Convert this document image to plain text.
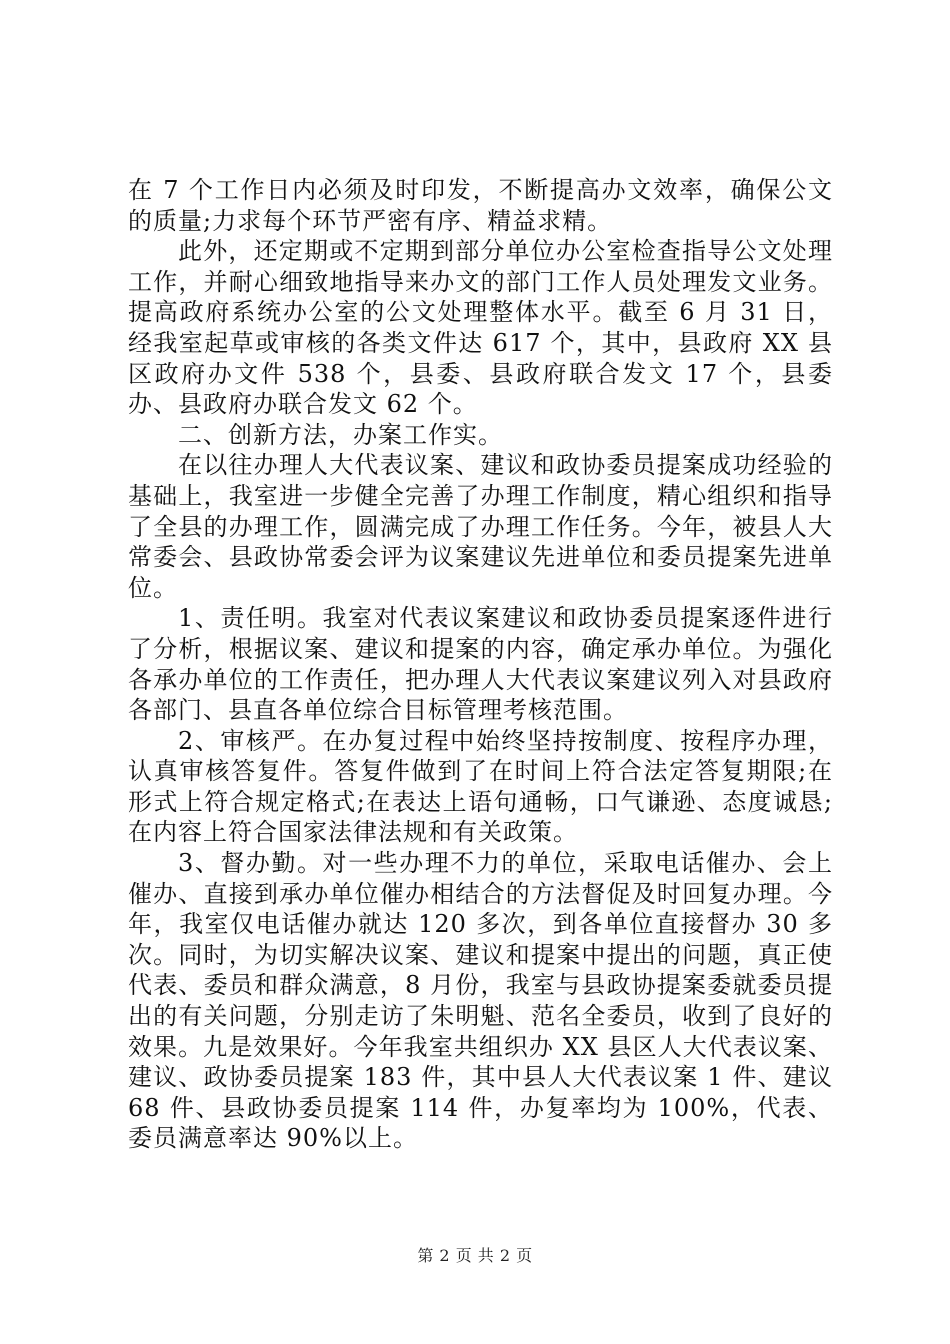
在 7 个工作日内必须及时印发，不断提高办文效率，确保公文的质量;力求每个环节严密有序、精益求精。

此外，还定期或不定期到部分单位办公室检查指导公文处理工作，并耐心细致地指导来办文的部门工作人员处理发文业务。提高政府系统办公室的公文处理整体水平。截至 6 月 31 日，经我室起草或审核的各类文件达 617 个，其中，县政府 XX 县区政府办文件 538 个，县委、县政府联合发文 17 个，县委办、县政府办联合发文 62 个。

二、创新方法，办案工作实。

在以往办理人大代表议案、建议和政协委员提案成功经验的基础上，我室进一步健全完善了办理工作制度，精心组织和指导了全县的办理工作，圆满完成了办理工作任务。今年，被县人大常委会、县政协常委会评为议案建议先进单位和委员提案先进单位。

1、责任明。我室对代表议案建议和政协委员提案逐件进行了分析，根据议案、建议和提案的内容，确定承办单位。为强化各承办单位的工作责任，把办理人大代表议案建议列入对县政府各部门、县直各单位综合目标管理考核范围。

2、审核严。在办复过程中始终坚持按制度、按程序办理，认真审核答复件。答复件做到了在时间上符合法定答复期限;在形式上符合规定格式;在表达上语句通畅，口气谦逊、态度诚恳;在内容上符合国家法律法规和有关政策。

3、督办勤。对一些办理不力的单位，采取电话催办、会上催办、直接到承办单位催办相结合的方法督促及时回复办理。今年，我室仅电话催办就达 120 多次，到各单位直接督办 30 多次。同时，为切实解决议案、建议和提案中提出的问题，真正使代表、委员和群众满意，8 月份，我室与县政协提案委就委员提出的有关问题，分别走访了朱明魁、范名全委员，收到了良好的效果。九是效果好。今年我室共组织办 XX 县区人大代表议案、建议、政协委员提案 183 件，其中县人大代表议案 1 件、建议 68 件、县政协委员提案 114 件，办复率均为 100%，代表、委员满意率达 90%以上。

第 2 页 共 2 页
